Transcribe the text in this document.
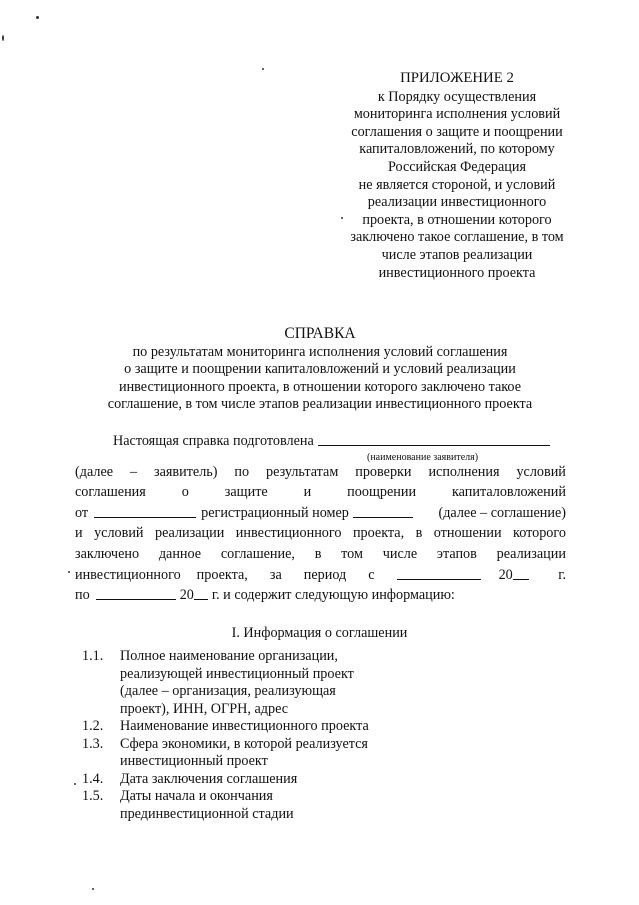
ПРИЛОЖЕНИЕ 2
к Порядку осуществления
мониторинга исполнения условий
соглашения о защите и поощрении
капиталовложений, по которому
Российская Федерация
не является стороной, и условий
реализации инвестиционного
проекта, в отношении которого
заключено такое соглашение, в том
числе этапов реализации
инвестиционного проекта
СПРАВКА
по результатам мониторинга исполнения условий соглашения
о защите и поощрении капиталовложений и условий реализации
инвестиционного проекта, в отношении которого заключено такое
соглашение, в том числе этапов реализации инвестиционного проекта
Настоящая справка подготовлена
(наименование заявителя)
(далее – заявитель) по результатам проверки исполнения условий
соглашения	о	защите	и	поощрении	капиталовложений
от	регистрационный номер	(далее – соглашение)
и условий реализации инвестиционного проекта, в отношении которого
заключено данное соглашение, в том числе этапов реализации
инвестиционного проекта, за период с	20	г.
по	20 г. и содержит следующую информацию:
I. Информация о соглашении
1.1.	Полное наименование организации,
реализующей инвестиционный проект
(далее – организация, реализующая
проект), ИНН, ОГРН, адрес
1.2.	Наименование инвестиционного проекта
1.3.	Сфера экономики, в которой реализуется
инвестиционный проект
1.4.	Дата заключения соглашения
1.5.	Даты начала и окончания
прединвестиционной стадии
